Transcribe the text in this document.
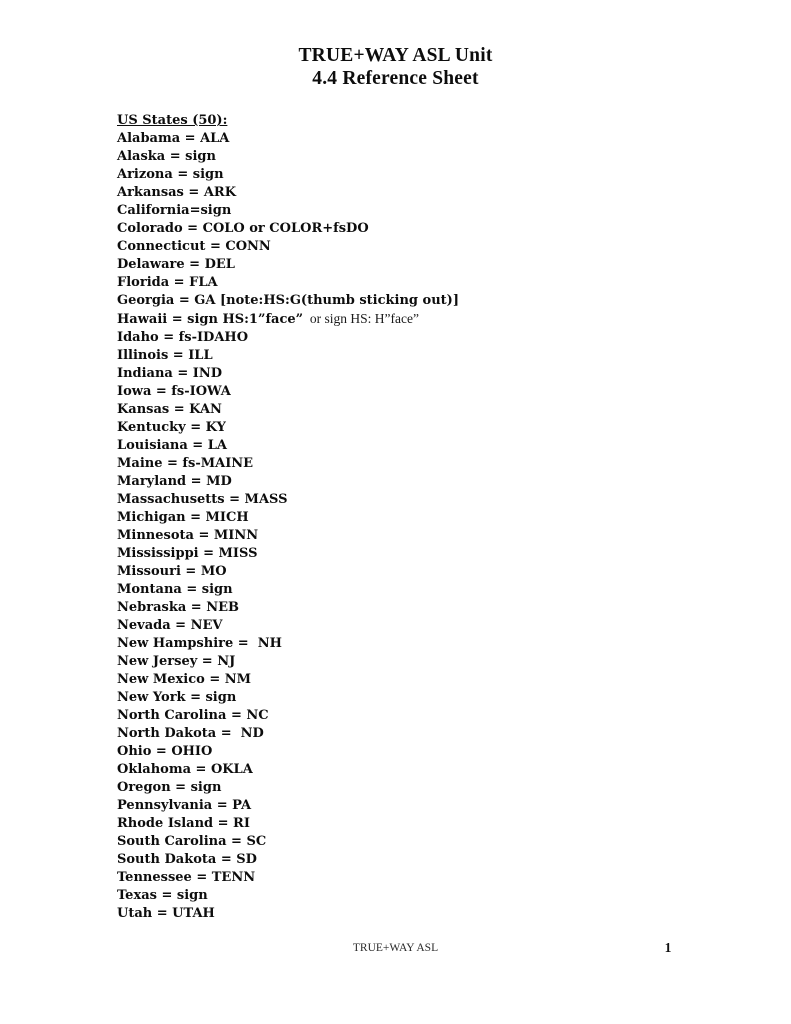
TRUE+WAY ASL Unit
4.4 Reference Sheet
US States (50):
Alabama = ALA
Alaska = sign
Arizona = sign
Arkansas = ARK
California=sign
Colorado = COLO or COLOR+fsDO
Connecticut = CONN
Delaware = DEL
Florida = FLA
Georgia = GA [note:HS:G(thumb sticking out)]
Hawaii = sign HS:1”face”  or sign HS: H”face”
Idaho = fs-IDAHO
Illinois = ILL
Indiana = IND
Iowa = fs-IOWA
Kansas = KAN
Kentucky = KY
Louisiana = LA
Maine = fs-MAINE
Maryland = MD
Massachusetts = MASS
Michigan = MICH
Minnesota = MINN
Mississippi = MISS
Missouri = MO
Montana = sign
Nebraska = NEB
Nevada = NEV
New Hampshire =  NH
New Jersey = NJ
New Mexico = NM
New York = sign
North Carolina = NC
North Dakota =  ND
Ohio = OHIO
Oklahoma = OKLA
Oregon = sign
Pennsylvania = PA
Rhode Island = RI
South Carolina = SC
South Dakota = SD
Tennessee = TENN
Texas = sign
Utah = UTAH
TRUE+WAY ASL	1
